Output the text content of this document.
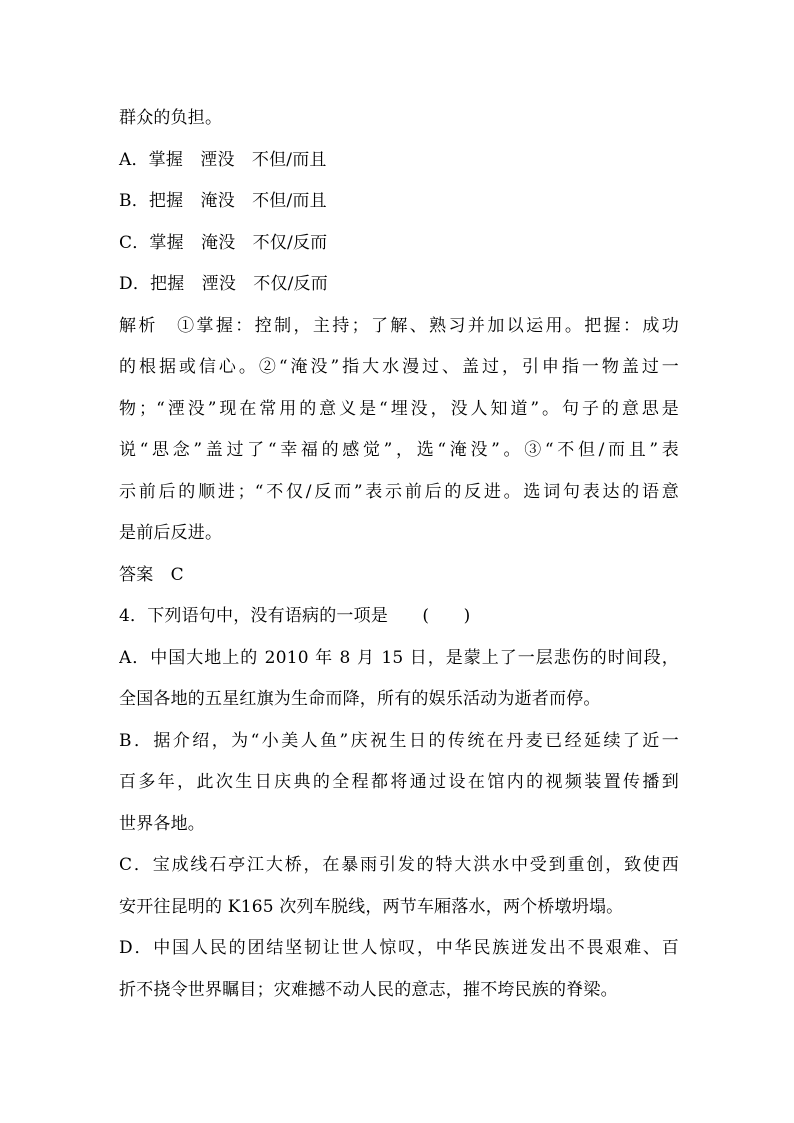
群众的负担。
A．掌握　湮没　不但/而且
B．把握　淹没　不但/而且
C．掌握　淹没　不仅/反而
D．把握　湮没　不仅/反而
解析　①掌握：控制，主持；了解、熟习并加以运用。把握：成功
的根据或信心。②“淹没”指大水漫过、盖过，引申指一物盖过一
物；“湮没”现在常用的意义是“埋没，没人知道”。句子的意思是
说“思念”盖过了“幸福的感觉”，选“淹没”。③“不但/而且”表
示前后的顺进；“不仅/反而”表示前后的反进。选词句表达的语意
是前后反进。
答案　C
4．下列语句中，没有语病的一项是　　(　　)
A．中国大地上的 2010 年 8 月 15 日，是蒙上了一层悲伤的时间段，
全国各地的五星红旗为生命而降，所有的娱乐活动为逝者而停。
B．据介绍，为“小美人鱼”庆祝生日的传统在丹麦已经延续了近一
百多年，此次生日庆典的全程都将通过设在馆内的视频装置传播到
世界各地。
C．宝成线石亭江大桥，在暴雨引发的特大洪水中受到重创，致使西
安开往昆明的 K165 次列车脱线，两节车厢落水，两个桥墩坍塌。
D．中国人民的团结坚韧让世人惊叹，中华民族迸发出不畏艰难、百
折不挠令世界瞩目；灾难撼不动人民的意志，摧不垮民族的脊梁。
